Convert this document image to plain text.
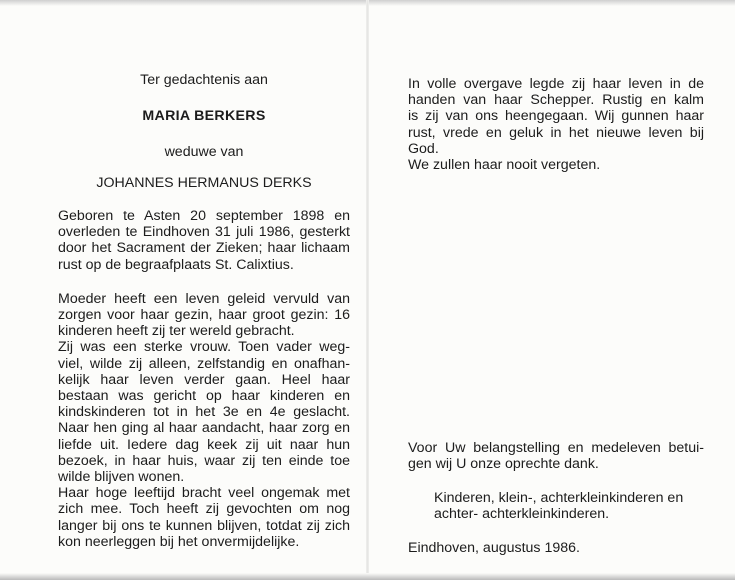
Ter gedachtenis aan
MARIA BERKERS
weduwe van
JOHANNES HERMANUS DERKS
Geboren te Asten 20 september 1898 en
overleden te Eindhoven 31 juli 1986, gesterkt
door het Sacrament der Zieken; haar lichaam
rust op de begraafplaats St. Calixtius.
Moeder heeft een leven geleid vervuld van
zorgen voor haar gezin, haar groot gezin: 16
kinderen heeft zij ter wereld gebracht.
Zij was een sterke vrouw. Toen vader weg-
viel, wilde zij alleen, zelfstandig en onafhan-
kelijk haar leven verder gaan. Heel haar
bestaan was gericht op haar kinderen en
kindskinderen tot in het 3e en 4e geslacht.
Naar hen ging al haar aandacht, haar zorg en
liefde uit. Iedere dag keek zij uit naar hun
bezoek, in haar huis, waar zij ten einde toe
wilde blijven wonen.
Haar hoge leeftijd bracht veel ongemak met
zich mee. Toch heeft zij gevochten om nog
langer bij ons te kunnen blijven, totdat zij zich
kon neerleggen bij het onvermijdelijke.
In volle overgave legde zij haar leven in de
handen van haar Schepper. Rustig en kalm
is zij van ons heengegaan. Wij gunnen haar
rust, vrede en geluk in het nieuwe leven bij
God.
We zullen haar nooit vergeten.
Voor Uw belangstelling en medeleven betui-
gen wij U onze oprechte dank.
Kinderen, klein-, achterkleinkinderen en
achter- achterkleinkinderen.
Eindhoven, augustus 1986.
